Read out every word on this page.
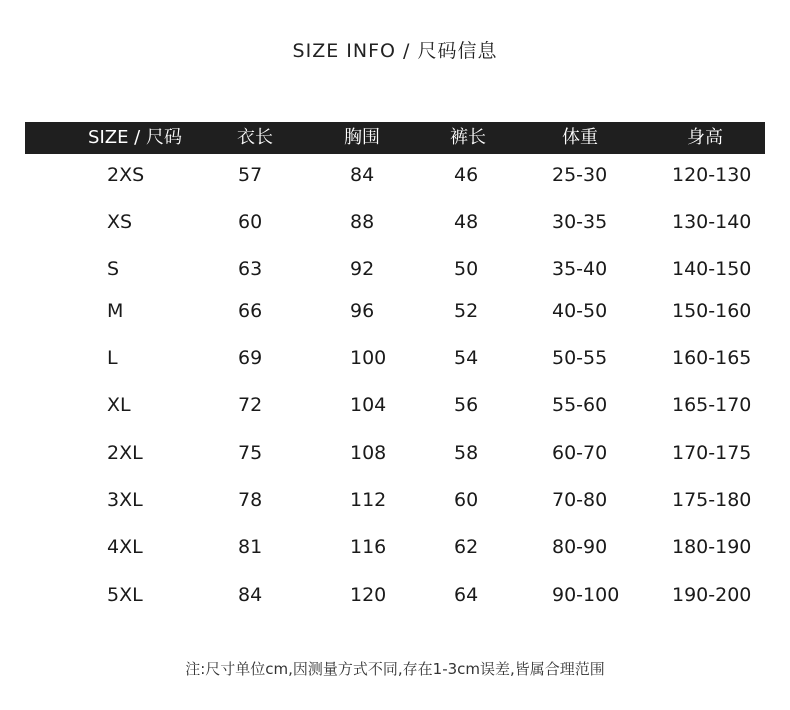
SIZE INFO / 尺码信息
SIZE / 尺码	衣长	胸围	裤长	体重	身高
2XS	57	84	46	25-30	120-130
XS	60	88	48	30-35	130-140
S	63	92	50	35-40	140-150
M	66	96	52	40-50	150-160
L	69	100	54	50-55	160-165
XL	72	104	56	55-60	165-170
2XL	75	108	58	60-70	170-175
3XL	78	112	60	70-80	175-180
4XL	81	116	62	80-90	180-190
5XL	84	120	64	90-100	190-200
注:尺寸单位cm,因测量方式不同,存在1-3cm误差,皆属合理范围
